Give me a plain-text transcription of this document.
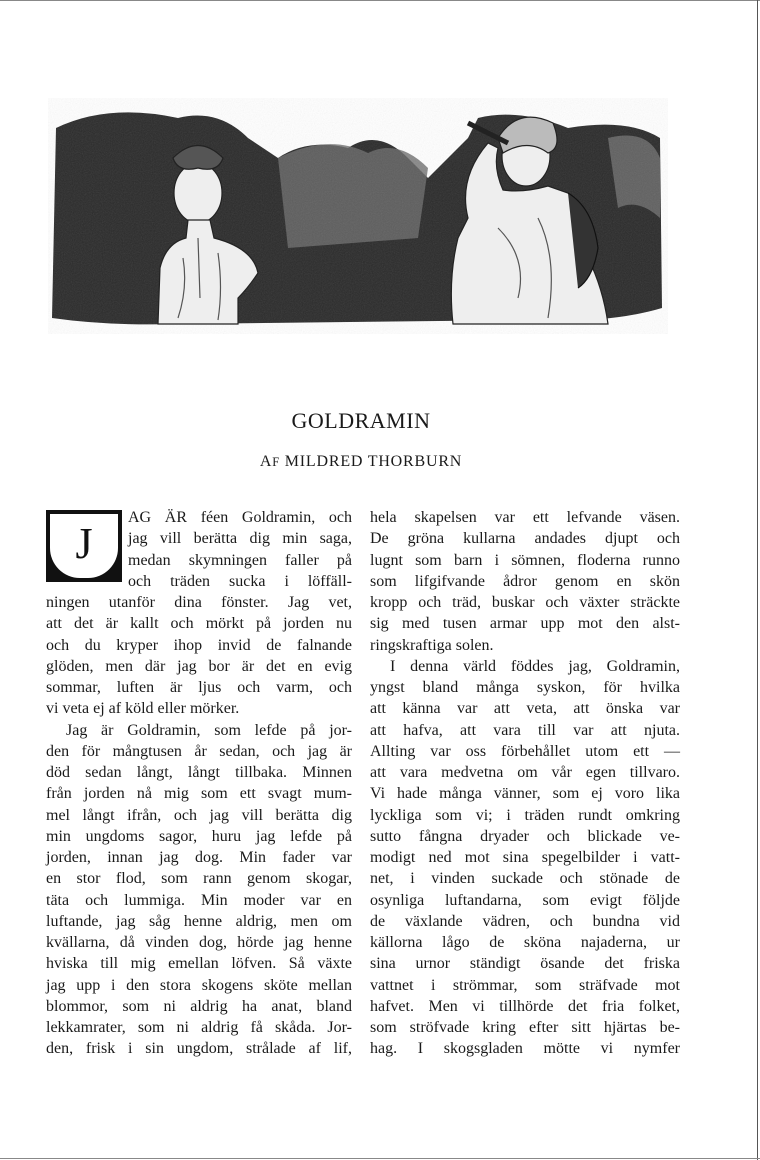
GOLDRAMIN
AF MILDRED THORBURN
J
AG ÄR féen Goldramin, och
jag vill berätta dig min saga,
medan skymningen faller på
och träden sucka i löffäll-
ningen utanför dina fönster. Jag vet,
att det är kallt och mörkt på jorden nu
och du kryper ihop invid de falnande
glöden, men där jag bor är det en evig
sommar, luften är ljus och varm, och
vi veta ej af köld eller mörker.
Jag är Goldramin, som lefde på jor-
den för mångtusen år sedan, och jag är
död sedan långt, långt tillbaka. Minnen
från jorden nå mig som ett svagt mum-
mel långt ifrån, och jag vill berätta dig
min ungdoms sagor, huru jag lefde på
jorden, innan jag dog. Min fader var
en stor flod, som rann genom skogar,
täta och lummiga. Min moder var en
luftande, jag såg henne aldrig, men om
kvällarna, då vinden dog, hörde jag henne
hviska till mig emellan löfven. Så växte
jag upp i den stora skogens sköte mellan
blommor, som ni aldrig ha anat, bland
lekkamrater, som ni aldrig få skåda. Jor-
den, frisk i sin ungdom, strålade af lif,
hela skapelsen var ett lefvande väsen.
De gröna kullarna andades djupt och
lugnt som barn i sömnen, floderna runno
som lifgifvande ådror genom en skön
kropp och träd, buskar och växter sträckte
sig med tusen armar upp mot den alst-
ringskraftiga solen.
I denna värld föddes jag, Goldramin,
yngst bland många syskon, för hvilka
att känna var att veta, att önska var
att hafva, att vara till var att njuta.
Allting var oss förbehållet utom ett —
att vara medvetna om vår egen tillvaro.
Vi hade många vänner, som ej voro lika
lyckliga som vi; i träden rundt omkring
sutto fångna dryader och blickade ve-
modigt ned mot sina spegelbilder i vatt-
net, i vinden suckade och stönade de
osynliga luftandarna, som evigt följde
de växlande vädren, och bundna vid
källorna lågo de sköna najaderna, ur
sina urnor ständigt ösande det friska
vattnet i strömmar, som sträfvade mot
hafvet. Men vi tillhörde det fria folket,
som ströfvade kring efter sitt hjärtas be-
hag. I skogsgladen mötte vi nymfer
